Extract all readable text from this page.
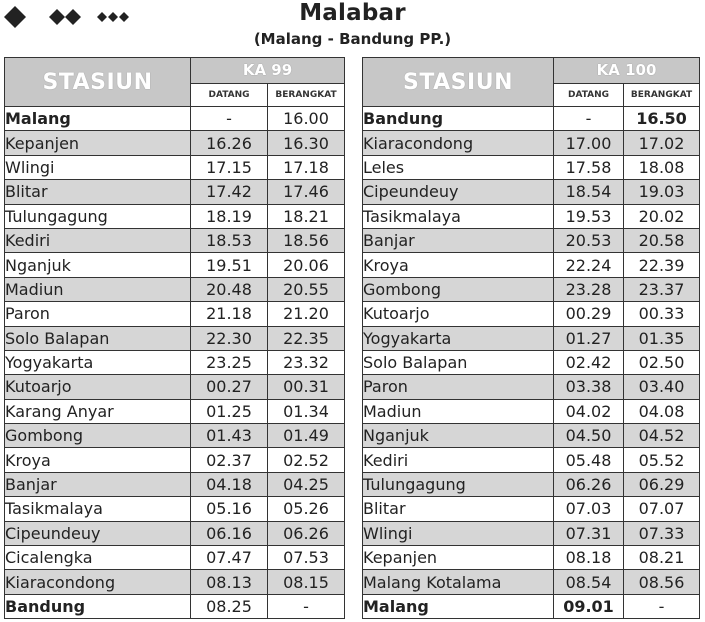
Malabar
(Malang - Bandung PP.)
STASIUN	KA 99	
	DATANG	BERANGKAT
Malang	-	16.00
Kepanjen	16.26	16.30
Wlingi	17.15	17.18
Blitar	17.42	17.46
Tulungagung	18.19	18.21
Kediri	18.53	18.56
Nganjuk	19.51	20.06
Madiun	20.48	20.55
Paron	21.18	21.20
Solo Balapan	22.30	22.35
Yogyakarta	23.25	23.32
Kutoarjo	00.27	00.31
Karang Anyar	01.25	01.34
Gombong	01.43	01.49
Kroya	02.37	02.52
Banjar	04.18	04.25
Tasikmalaya	05.16	05.26
Cipeundeuy	06.16	06.26
Cicalengka	07.47	07.53
Kiaracondong	08.13	08.15
Bandung	08.25	-
STASIUN	KA 100	
	DATANG	BERANGKAT
Bandung	-	16.50
Kiaracondong	17.00	17.02
Leles	17.58	18.08
Cipeundeuy	18.54	19.03
Tasikmalaya	19.53	20.02
Banjar	20.53	20.58
Kroya	22.24	22.39
Gombong	23.28	23.37
Kutoarjo	00.29	00.33
Yogyakarta	01.27	01.35
Solo Balapan	02.42	02.50
Paron	03.38	03.40
Madiun	04.02	04.08
Nganjuk	04.50	04.52
Kediri	05.48	05.52
Tulungagung	06.26	06.29
Blitar	07.03	07.07
Wlingi	07.31	07.33
Kepanjen	08.18	08.21
Malang Kotalama	08.54	08.56
Malang	09.01	-
